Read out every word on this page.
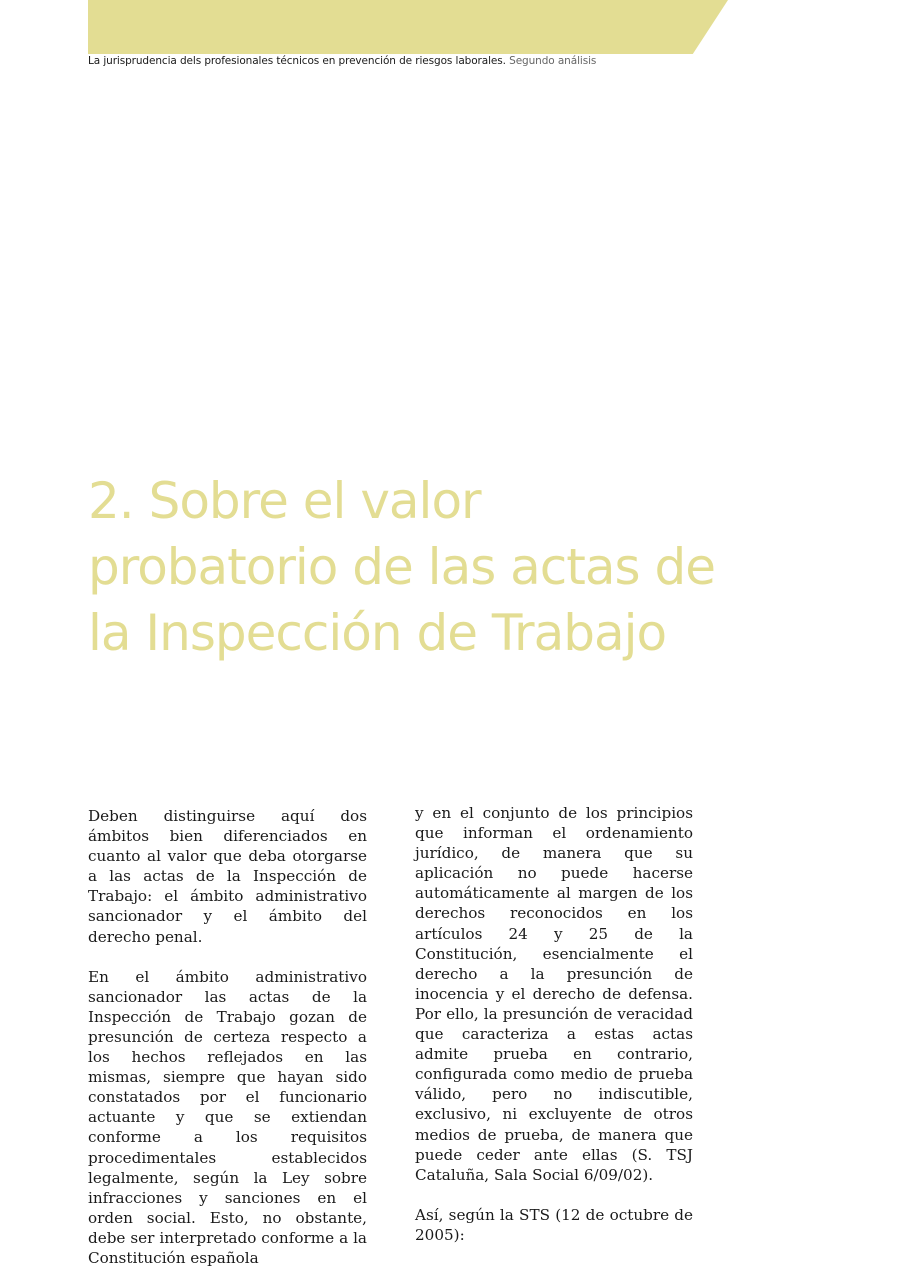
La jurisprudencia dels profesionales técnicos en prevención de riesgos laborales. Segundo análisis
2. Sobre el valor
probatorio de las actas de
la Inspección de Trabajo

Deben distinguirse aquí dos ámbitos bien diferenciados en cuanto al valor que deba otorgarse a las actas de la Inspección de Trabajo: el ámbito administrativo sancionador y el ámbito del derecho penal.

En el ámbito administrativo sancionador las actas de la Inspección de Trabajo gozan de presunción de certeza respecto a los hechos reflejados en las mismas, siempre que hayan sido constatados por el funcionario actuante y que se extiendan conforme a los requisitos procedimentales establecidos legalmente, según la Ley sobre infracciones y sanciones en el orden social. Esto, no obstante, debe ser interpretado conforme a la Constitución española

y en el conjunto de los principios que informan el ordenamiento jurídico, de manera que su aplicación no puede hacerse automáticamente al margen de los derechos reconocidos en los artículos 24 y 25 de la Constitución, esencialmente el derecho a la presunción de inocencia y el derecho de defensa. Por ello, la presunción de veracidad que caracteriza a estas actas admite prueba en contrario, configurada como medio de prueba válido, pero no indiscutible, exclusivo, ni excluyente de otros medios de prueba, de manera que puede ceder ante ellas (S. TSJ Cataluña, Sala Social 6/09/02).

Así, según la STS (12 de octubre de 2005):
